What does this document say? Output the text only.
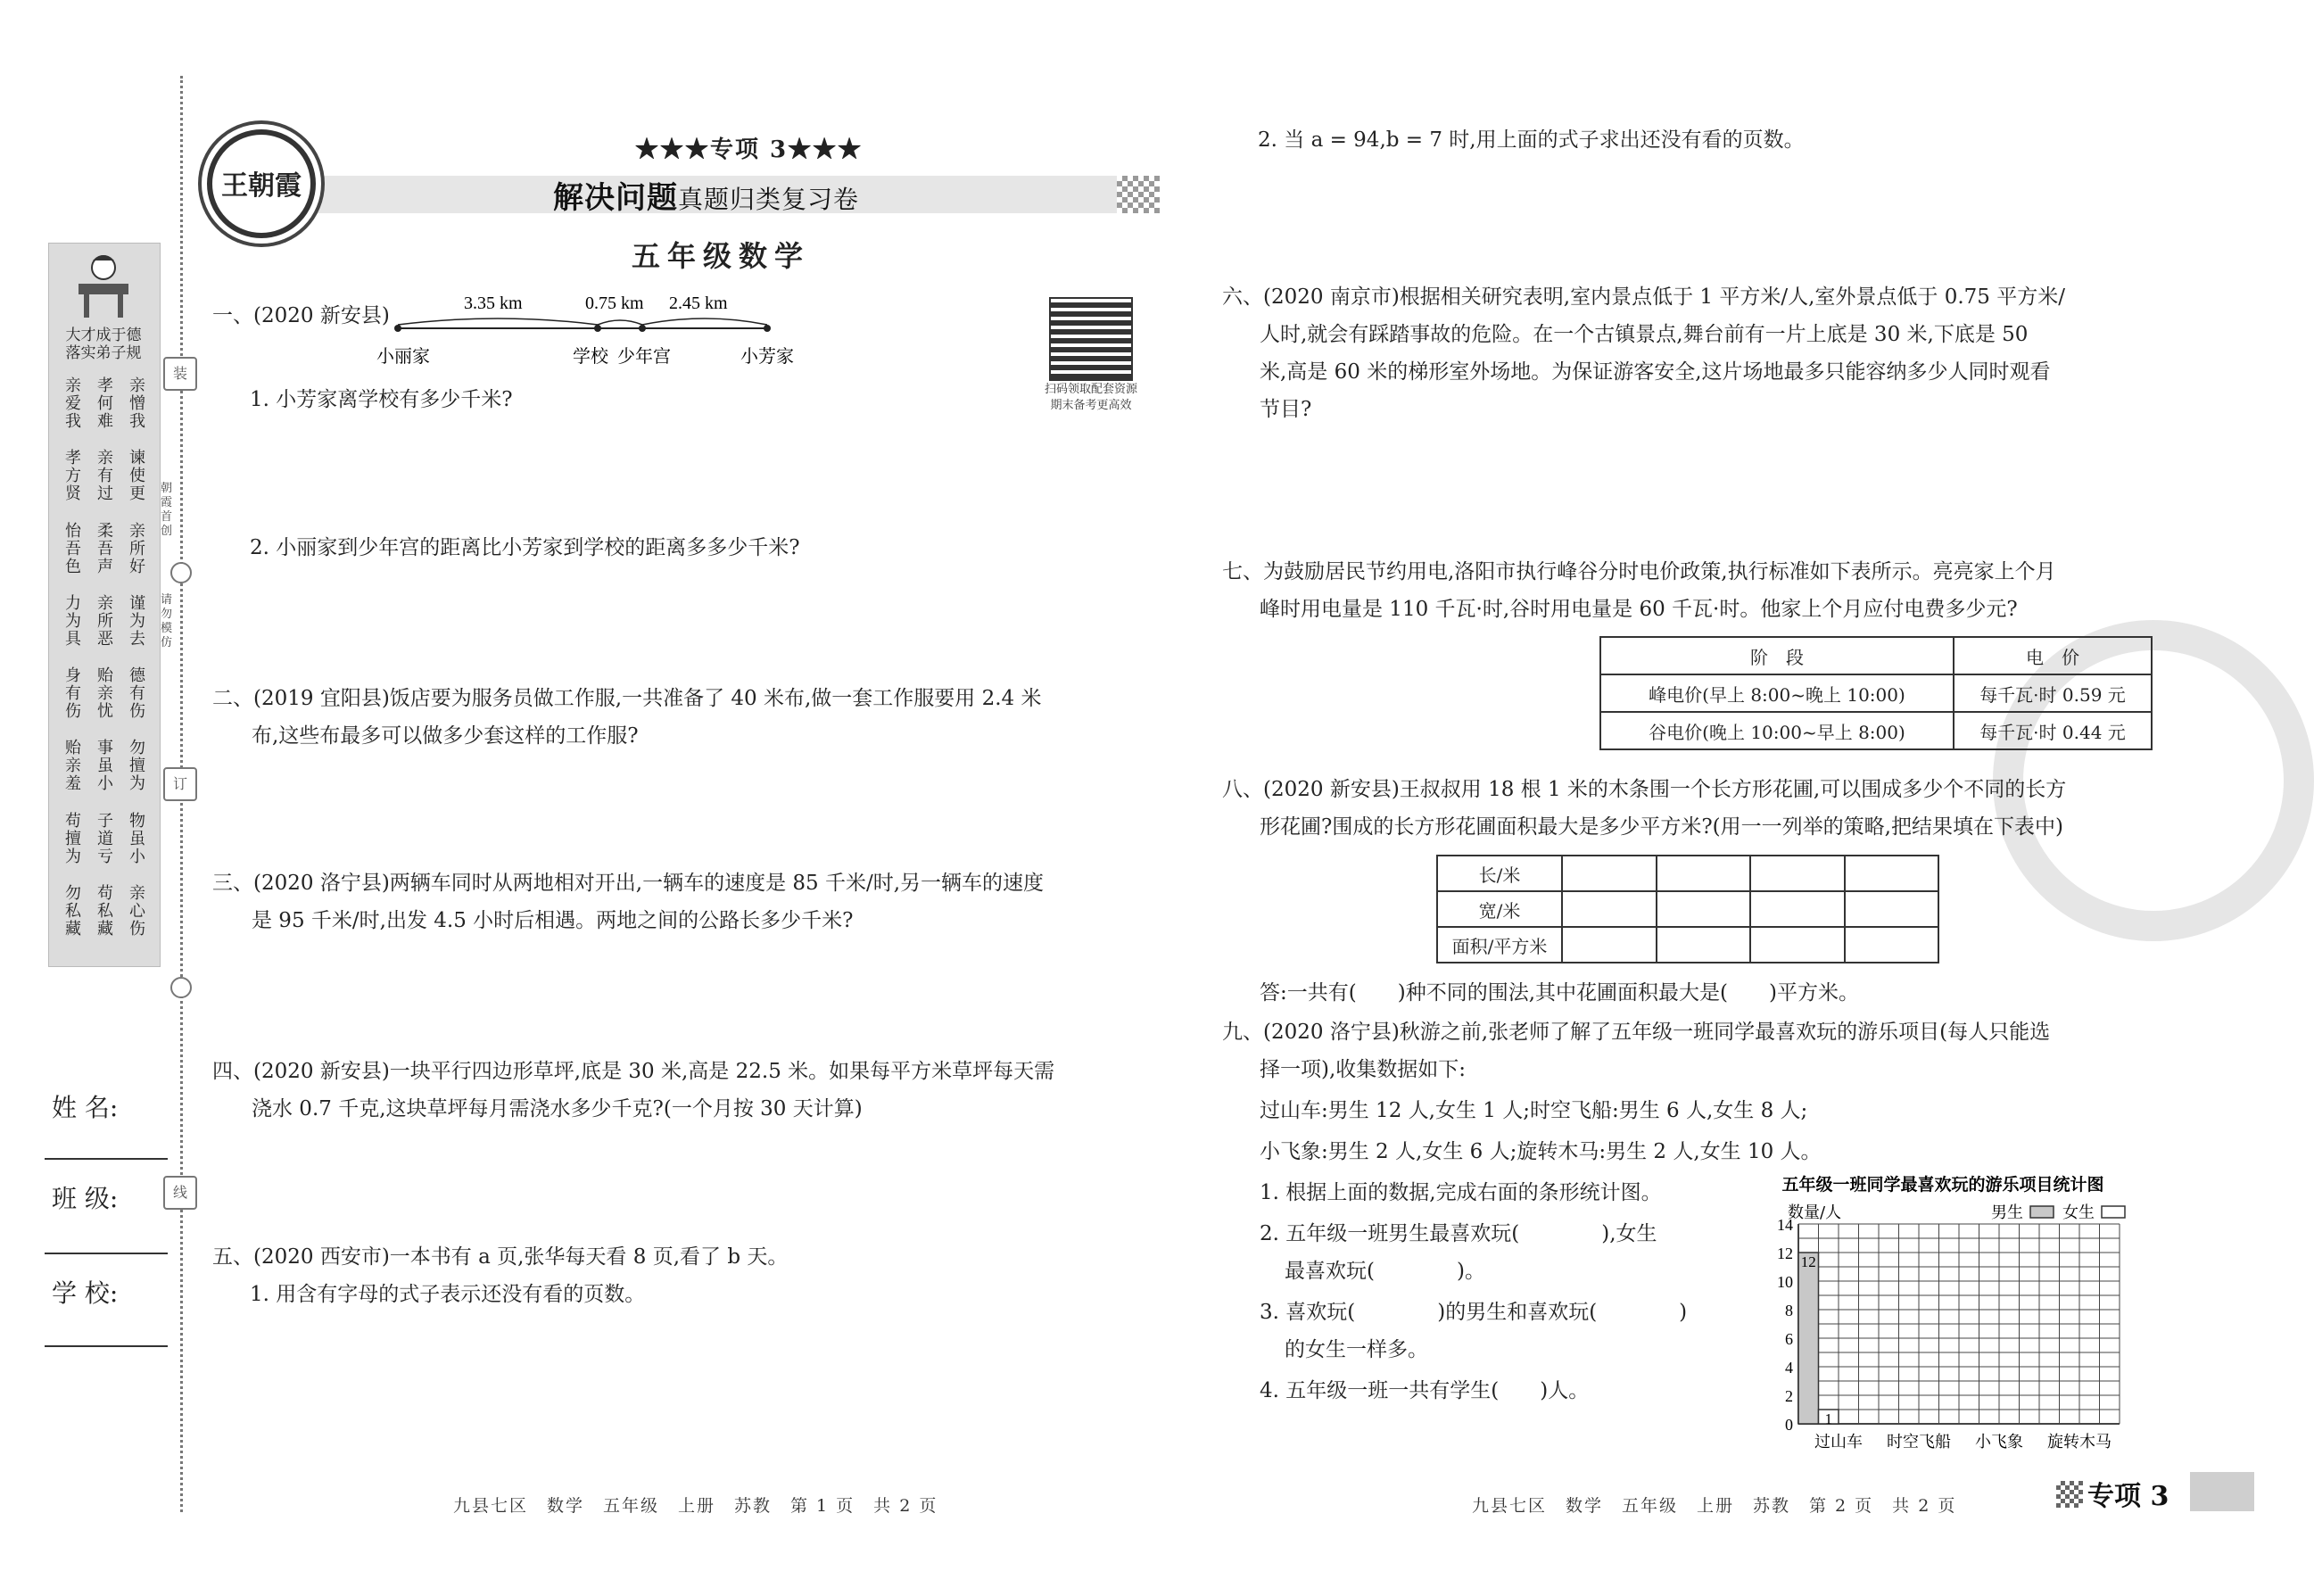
装
朝霞首创
请勿模仿
订
线
大才成于德
落实弟子规
亲爱我 孝何难 亲憎我
孝方贤 亲有过 谏使更
怡吾色 柔吾声 亲所好
力为具 亲所恶 谨为去
身有伤 贻亲忧 德有伤
贻亲羞 事虽小 勿擅为
苟擅为 子道亏 物虽小
勿私藏 苟私藏 亲心伤
姓 名:
班 级:
学 校:
王朝霞
★★★专项 3★★★
解决问题真题归类复习卷
五年级数学
扫码领取配套资源
期末备考更高效
一、(2020 新安县)
3.35 km	0.75 km 2.45 km
小丽家	学校 少年宫	小芳家
1. 小芳家离学校有多少千米?
2. 小丽家到少年宫的距离比小芳家到学校的距离多多少千米?
二、(2019 宜阳县)饭店要为服务员做工作服,一共准备了 40 米布,做一套工作服要用 2.4 米
布,这些布最多可以做多少套这样的工作服?
三、(2020 洛宁县)两辆车同时从两地相对开出,一辆车的速度是 85 千米/时,另一辆车的速度
是 95 千米/时,出发 4.5 小时后相遇。两地之间的公路长多少千米?
四、(2020 新安县)一块平行四边形草坪,底是 30 米,高是 22.5 米。如果每平方米草坪每天需
浇水 0.7 千克,这块草坪每月需浇水多少千克?(一个月按 30 天计算)
五、(2020 西安市)一本书有 a 页,张华每天看 8 页,看了 b 天。
1. 用含有字母的式子表示还没有看的页数。
九县七区　数学　五年级　上册　苏教　第 1 页　共 2 页
2. 当 a = 94,b = 7 时,用上面的式子求出还没有看的页数。
六、(2020 南京市)根据相关研究表明,室内景点低于 1 平方米/人,室外景点低于 0.75 平方米/
人时,就会有踩踏事故的危险。在一个古镇景点,舞台前有一片上底是 30 米,下底是 50
米,高是 60 米的梯形室外场地。为保证游客安全,这片场地最多只能容纳多少人同时观看
节目?
七、为鼓励居民节约用电,洛阳市执行峰谷分时电价政策,执行标准如下表所示。亮亮家上个月
峰时用电量是 110 千瓦·时,谷时用电量是 60 千瓦·时。他家上个月应付电费多少元?
阶　段	电　价
峰电价(早上 8:00~晚上 10:00)	每千瓦·时 0.59 元
谷电价(晚上 10:00~早上 8:00)	每千瓦·时 0.44 元
八、(2020 新安县)王叔叔用 18 根 1 米的木条围一个长方形花圃,可以围成多少个不同的长方
形花圃?围成的长方形花圃面积最大是多少平方米?(用一一列举的策略,把结果填在下表中)
长/米				
宽/米				
面积/平方米				
答:一共有(　　)种不同的围法,其中花圃面积最大是(　　)平方米。
九、(2020 洛宁县)秋游之前,张老师了解了五年级一班同学最喜欢玩的游乐项目(每人只能选
择一项),收集数据如下:
过山车:男生 12 人,女生 1 人;时空飞船:男生 6 人,女生 8 人;
小飞象:男生 2 人,女生 6 人;旋转木马:男生 2 人,女生 10 人。
1. 根据上面的数据,完成右面的条形统计图。
2. 五年级一班男生最喜欢玩(　　　　),女生
最喜欢玩(　　　　)。
3. 喜欢玩(　　　　)的男生和喜欢玩(　　　　)
的女生一样多。
4. 五年级一班一共有学生(　　)人。
五年级一班同学最喜欢玩的游乐项目统计图
数量/人	男生 女生
0
2
4
6
8
10
12
14
过山车
12
1
时空飞船 小飞象 旋转木马
九县七区　数学　五年级　上册　苏教　第 2 页　共 2 页	专项 3
